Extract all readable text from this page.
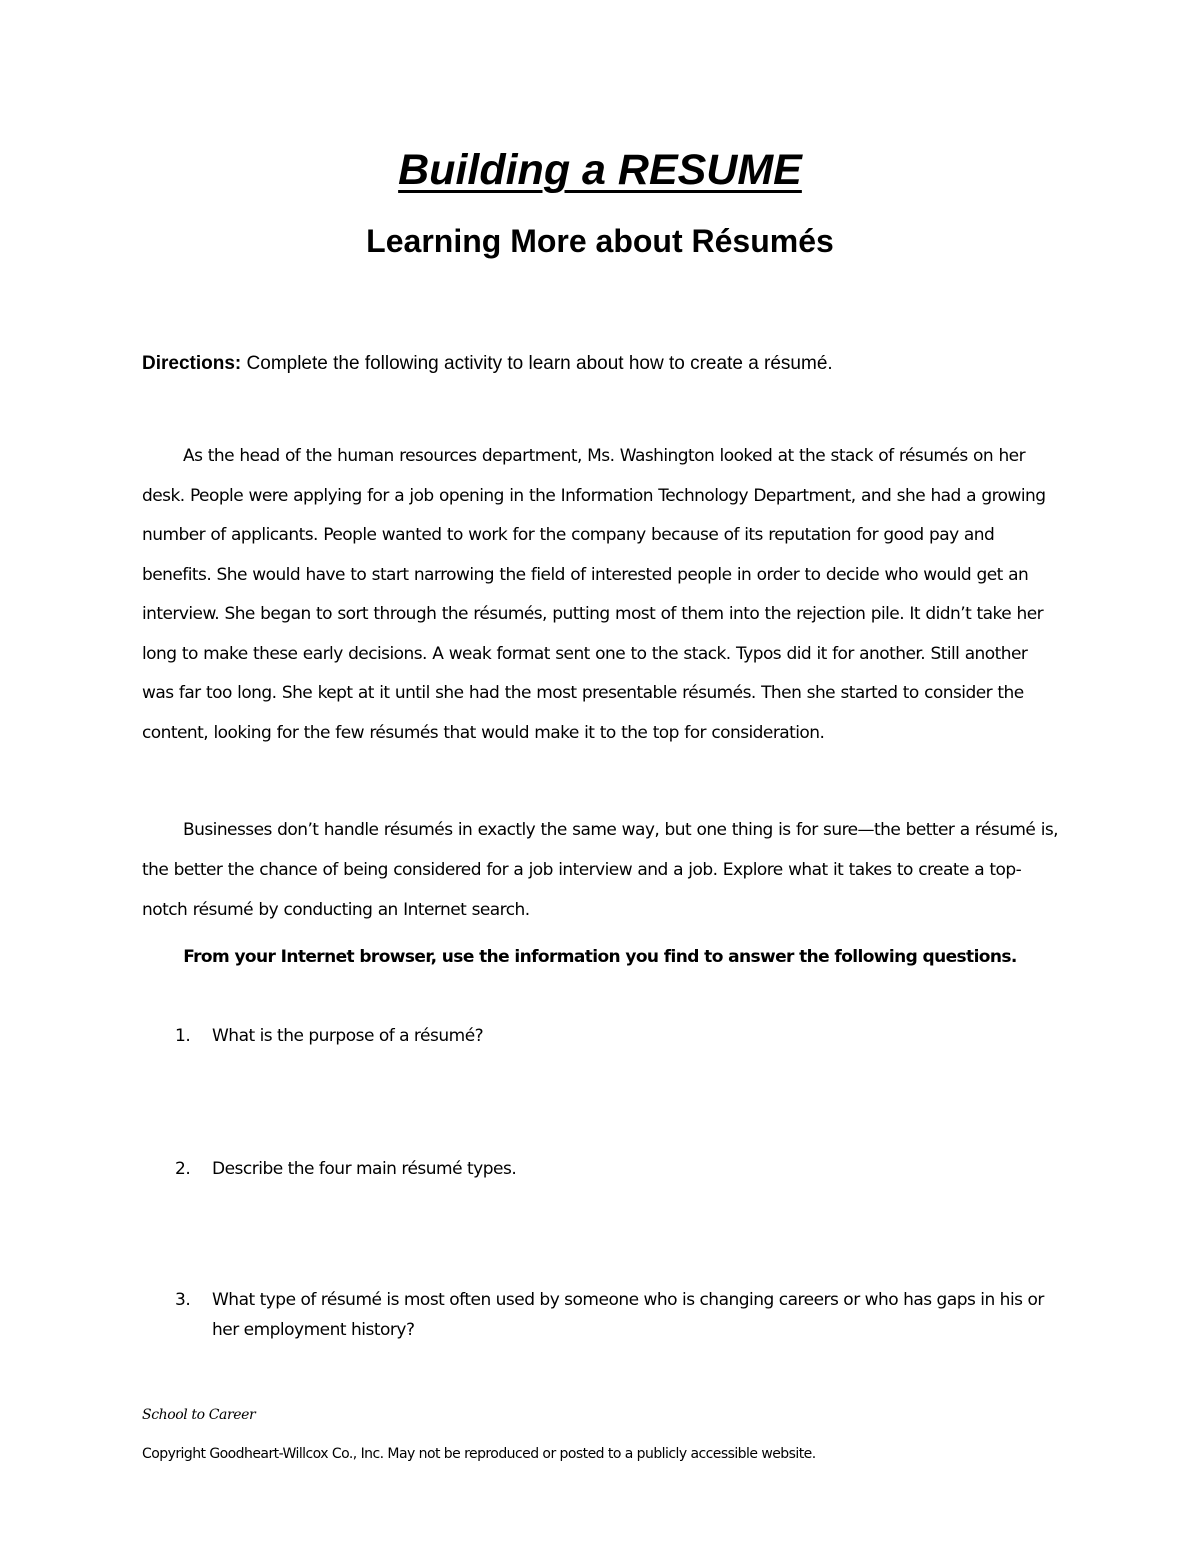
Building a RESUME
Learning More about Résumés

Directions: Complete the following activity to learn about how to create a résumé.

As the head of the human resources department, Ms. Washington looked at the stack of résumés on her desk. People were applying for a job opening in the Information Technology Department, and she had a growing number of applicants. People wanted to work for the company because of its reputation for good pay and benefits. She would have to start narrowing the field of interested people in order to decide who would get an interview. She began to sort through the résumés, putting most of them into the rejection pile. It didn’t take her long to make these early decisions. A weak format sent one to the stack. Typos did it for another. Still another was far too long. She kept at it until she had the most presentable résumés. Then she started to consider the content, looking for the few résumés that would make it to the top for consideration.

Businesses don’t handle résumés in exactly the same way, but one thing is for sure—the better a résumé is, the better the chance of being considered for a job interview and a job. Explore what it takes to create a top-notch résumé by conducting an Internet search.

From your Internet browser, use the information you find to answer the following questions.

1. What is the purpose of a résumé?
2. Describe the four main résumé types.
3. What type of résumé is most often used by someone who is changing careers or who has gaps in his or her employment history?

School to Career

Copyright Goodheart-Willcox Co., Inc. May not be reproduced or posted to a publicly accessible website.
